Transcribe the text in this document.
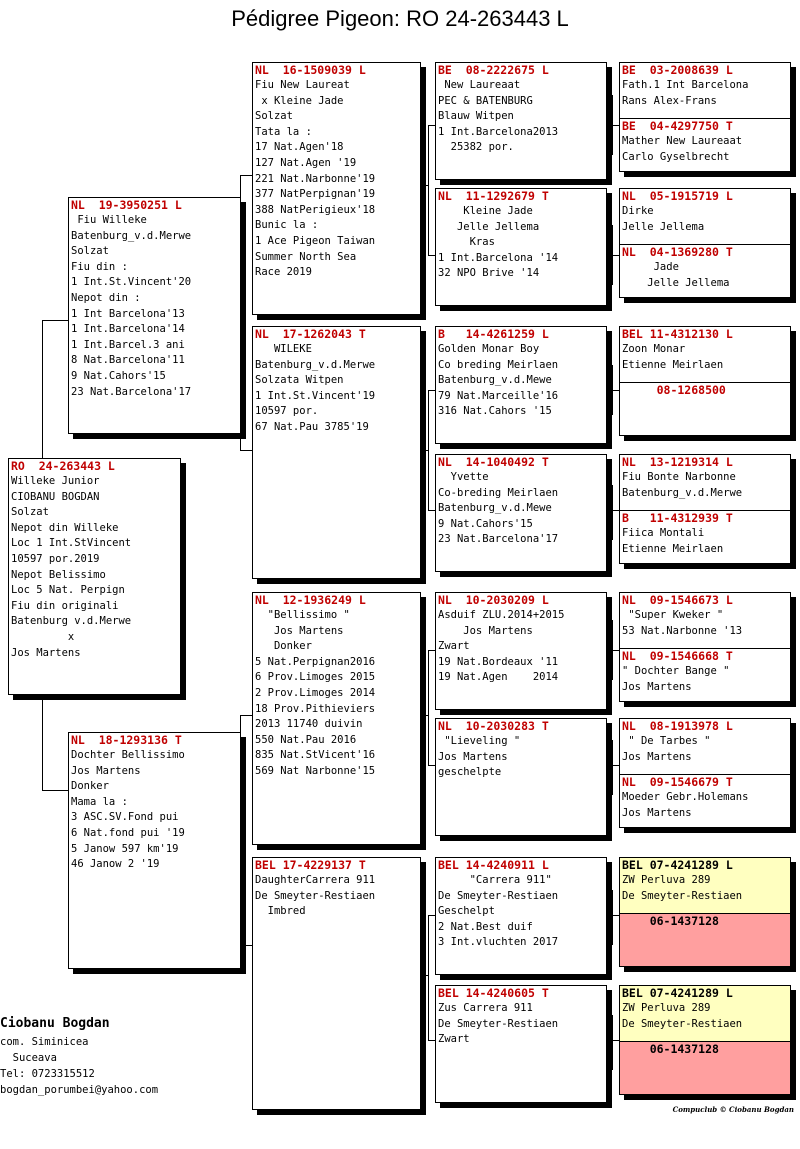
Pédigree Pigeon: RO 24-263443 L
RO  24-263443 L
Willeke Junior
CIOBANU BOGDAN
Solzat
Nepot din Willeke
Loc 1 Int.StVincent
10597 por.2019
Nepot Belissimo
Loc 5 Nat. Perpign
Fiu din originali
Batenburg v.d.Merwe
x
Jos Martens
NL  19-3950251 L
Fiu Willeke
Batenburg_v.d.Merwe
Solzat
Fiu din :
1 Int.St.Vincent'20
Nepot din :
1 Int Barcelona'13
1 Int.Barcelona'14
1 Int.Barcel.3 ani
8 Nat.Barcelona'11
9 Nat.Cahors'15
23 Nat.Barcelona'17
NL  18-1293136 T
Dochter Bellissimo
Jos Martens
Donker
Mama la :
3 ASC.SV.Fond pui
6 Nat.fond pui '19
5 Janow 597 km'19
46 Janow 2 '19
NL  16-1509039 L
Fiu New Laureat
x Kleine Jade
Solzat
Tata la :
17 Nat.Agen'18
127 Nat.Agen '19
221 Nat.Narbonne'19
377 NatPerpignan'19
388 NatPerigieux'18
Bunic la :
1 Ace Pigeon Taiwan
Summer North Sea
Race 2019
NL  17-1262043 T
WILEKE
Batenburg_v.d.Merwe
Solzata Witpen
1 Int.St.Vincent'19
10597 por.
67 Nat.Pau 3785'19
NL  12-1936249 L
"Bellissimo "
Jos Martens
Donker
5 Nat.Perpignan2016
6 Prov.Limoges 2015
2 Prov.Limoges 2014
18 Prov.Pithieviers
2013 11740 duivin
550 Nat.Pau 2016
835 Nat.StVicent'16
569 Nat Narbonne'15
BEL 17-4229137 T
DaughterCarrera 911
De Smeyter-Restiaen
Imbred
BE  08-2222675 L
New Laureaat
PEC & BATENBURG
Blauw Witpen
1 Int.Barcelona2013
25382 por.
NL  11-1292679 T
Kleine Jade
Jelle Jellema
Kras
1 Int.Barcelona '14
32 NPO Brive '14
B   14-4261259 L
Golden Monar Boy
Co breding Meirlaen
Batenburg_v.d.Mewe
79 Nat.Marceille'16
316 Nat.Cahors '15
NL  14-1040492 T
Yvette
Co-breding Meirlaen
Batenburg_v.d.Mewe
9 Nat.Cahors'15
23 Nat.Barcelona'17
NL  10-2030209 L
Asduif ZLU.2014+2015
Jos Martens
Zwart
19 Nat.Bordeaux '11
19 Nat.Agen    2014
NL  10-2030283 T
"Lieveling "
Jos Martens
geschelpte
BEL 14-4240911 L
"Carrera 911"
De Smeyter-Restiaen
Geschelpt
2 Nat.Best duif
3 Int.vluchten 2017
BEL 14-4240605 T
Zus Carrera 911
De Smeyter-Restiaen
Zwart
BE  03-2008639 L
Fath.1 Int Barcelona
Rans Alex-Frans
BE  04-4297750 T
Mather New Laureaat
Carlo Gyselbrecht
NL  05-1915719 L
Dirke
Jelle Jellema
NL  04-1369280 T
Jade
Jelle Jellema
BEL 11-4312130 L
Zoon Monar
Etienne Meirlaen
08-1268500
NL  13-1219314 L
Fiu Bonte Narbonne
Batenburg_v.d.Merwe
B   11-4312939 T
Fiica Montali
Etienne Meirlaen
NL  09-1546673 L
"Super Kweker "
53 Nat.Narbonne '13
NL  09-1546668 T
" Dochter Bange "
Jos Martens
NL  08-1913978 L
" De Tarbes "
Jos Martens
NL  09-1546679 T
Moeder Gebr.Holemans
Jos Martens
BEL 07-4241289 L
ZW Perluva 289
De Smeyter-Restiaen
06-1437128
BEL 07-4241289 L
ZW Perluva 289
De Smeyter-Restiaen
06-1437128
Ciobanu Bogdan
com. Siminicea
Suceava
Tel: 0723315512
bogdan_porumbei@yahoo.com
Compuclub © Ciobanu Bogdan
